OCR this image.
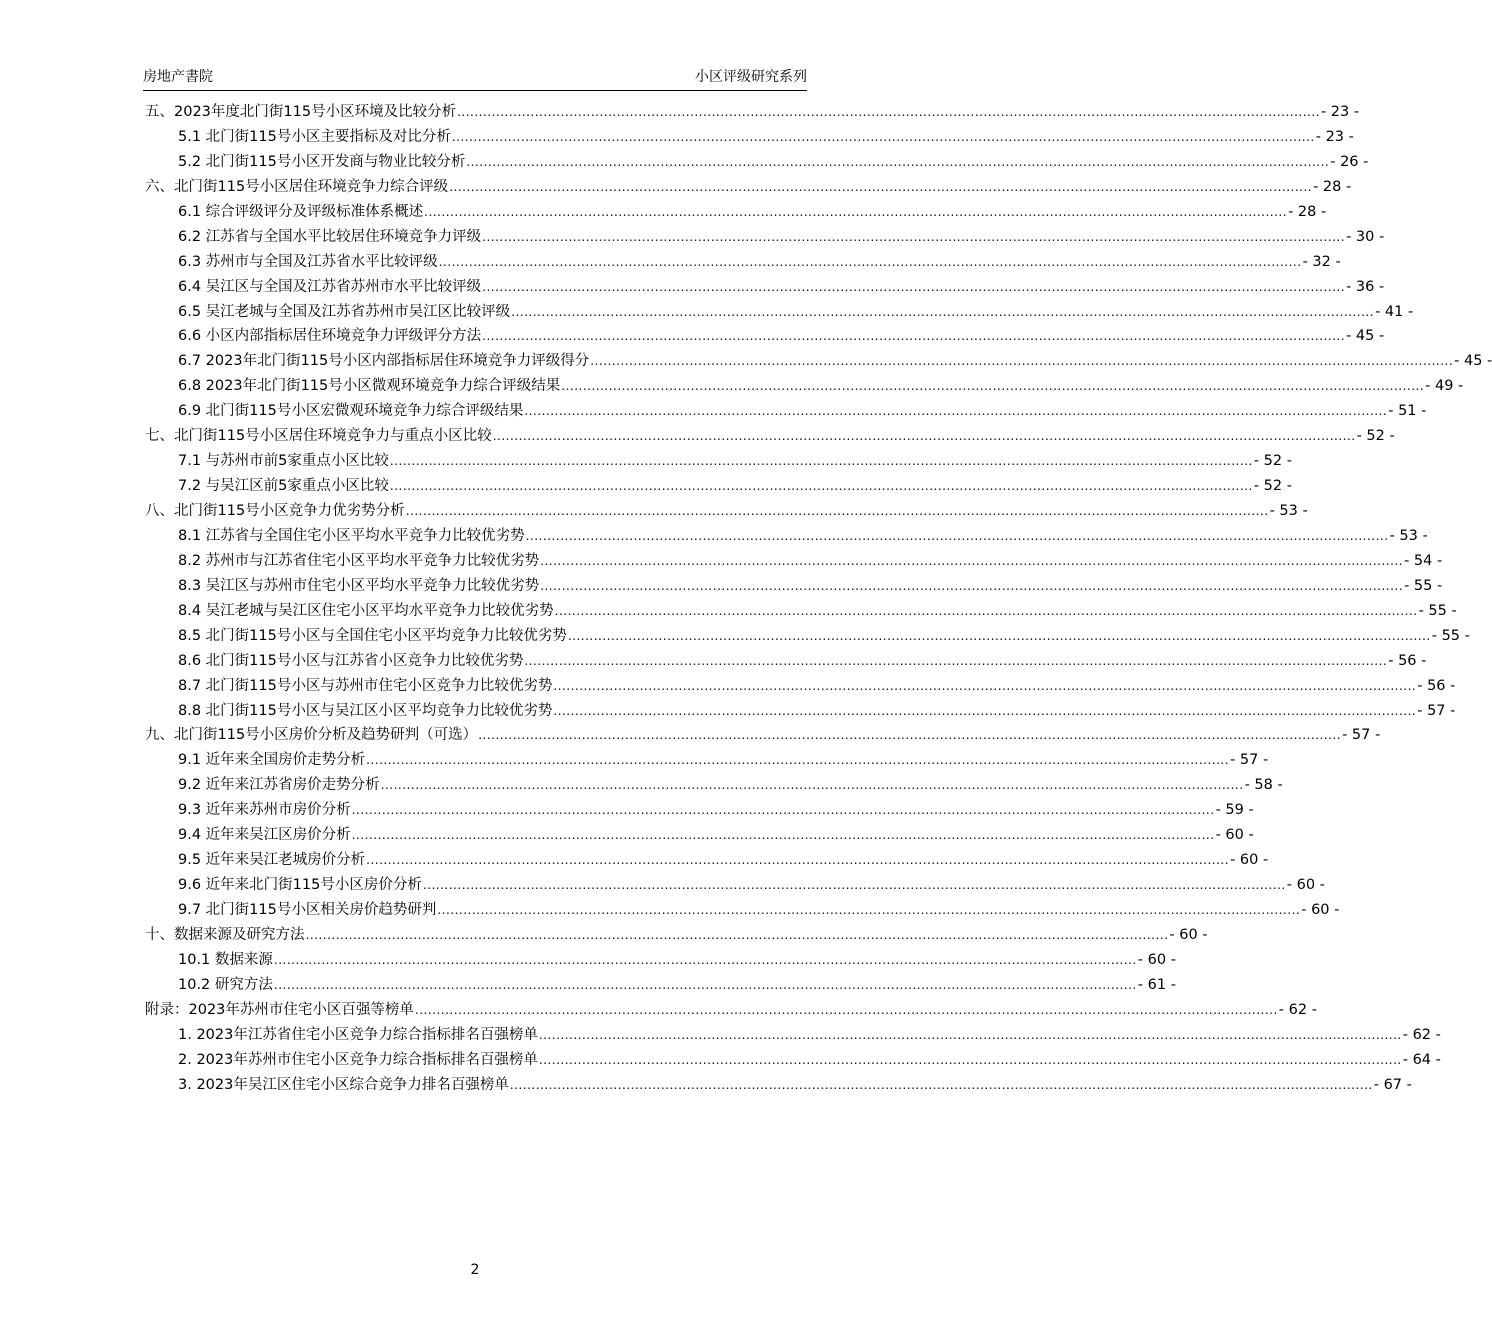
房地产書院	小区评级研究系列
五、2023年度北门街115号小区环境及比较分析 ........................................................................................................................................................................................................ - 23 -
5.1 北门街115号小区主要指标及对比分析 ........................................................................................................................................................................................................ - 23 -
5.2 北门街115号小区开发商与物业比较分析 ........................................................................................................................................................................................................ - 26 -
六、北门街115号小区居住环境竞争力综合评级 ........................................................................................................................................................................................................ - 28 -
6.1 综合评级评分及评级标准体系概述 ........................................................................................................................................................................................................ - 28 -
6.2 江苏省与全国水平比较居住环境竞争力评级 ........................................................................................................................................................................................................ - 30 -
6.3 苏州市与全国及江苏省水平比较评级 ........................................................................................................................................................................................................ - 32 -
6.4 吴江区与全国及江苏省苏州市水平比较评级 ........................................................................................................................................................................................................ - 36 -
6.5 吴江老城与全国及江苏省苏州市吴江区比较评级 ........................................................................................................................................................................................................ - 41 -
6.6 小区内部指标居住环境竞争力评级评分方法 ........................................................................................................................................................................................................ - 45 -
6.7 2023年北门街115号小区内部指标居住环境竞争力评级得分 ........................................................................................................................................................................................................ - 45 -
6.8 2023年北门街115号小区微观环境竞争力综合评级结果 ........................................................................................................................................................................................................ - 49 -
6.9 北门街115号小区宏微观环境竞争力综合评级结果 ........................................................................................................................................................................................................ - 51 -
七、北门街115号小区居住环境竞争力与重点小区比较 ........................................................................................................................................................................................................ - 52 -
7.1 与苏州市前5家重点小区比较 ........................................................................................................................................................................................................ - 52 -
7.2 与吴江区前5家重点小区比较 ........................................................................................................................................................................................................ - 52 -
八、北门街115号小区竞争力优劣势分析 ........................................................................................................................................................................................................ - 53 -
8.1 江苏省与全国住宅小区平均水平竞争力比较优劣势 ........................................................................................................................................................................................................ - 53 -
8.2 苏州市与江苏省住宅小区平均水平竞争力比较优劣势 ........................................................................................................................................................................................................ - 54 -
8.3 吴江区与苏州市住宅小区平均水平竞争力比较优劣势 ........................................................................................................................................................................................................ - 55 -
8.4 吴江老城与吴江区住宅小区平均水平竞争力比较优劣势 ........................................................................................................................................................................................................ - 55 -
8.5 北门街115号小区与全国住宅小区平均竞争力比较优劣势 ........................................................................................................................................................................................................ - 55 -
8.6 北门街115号小区与江苏省小区竞争力比较优劣势 ........................................................................................................................................................................................................ - 56 -
8.7 北门街115号小区与苏州市住宅小区竞争力比较优劣势 ........................................................................................................................................................................................................ - 56 -
8.8 北门街115号小区与吴江区小区平均竞争力比较优劣势 ........................................................................................................................................................................................................ - 57 -
九、北门街115号小区房价分析及趋势研判（可选） ........................................................................................................................................................................................................ - 57 -
9.1 近年来全国房价走势分析 ........................................................................................................................................................................................................ - 57 -
9.2 近年来江苏省房价走势分析 ........................................................................................................................................................................................................ - 58 -
9.3 近年来苏州市房价分析 ........................................................................................................................................................................................................ - 59 -
9.4 近年来吴江区房价分析 ........................................................................................................................................................................................................ - 60 -
9.5 近年来吴江老城房价分析 ........................................................................................................................................................................................................ - 60 -
9.6 近年来北门街115号小区房价分析 ........................................................................................................................................................................................................ - 60 -
9.7 北门街115号小区相关房价趋势研判 ........................................................................................................................................................................................................ - 60 -
十、数据来源及研究方法 ........................................................................................................................................................................................................ - 60 -
10.1 数据来源 ........................................................................................................................................................................................................ - 60 -
10.2 研究方法 ........................................................................................................................................................................................................ - 61 -
附录：2023年苏州市住宅小区百强等榜单 ........................................................................................................................................................................................................ - 62 -
1. 2023年江苏省住宅小区竞争力综合指标排名百强榜单 ........................................................................................................................................................................................................ - 62 -
2. 2023年苏州市住宅小区竞争力综合指标排名百强榜单 ........................................................................................................................................................................................................ - 64 -
3. 2023年吴江区住宅小区综合竞争力排名百强榜单 ........................................................................................................................................................................................................ - 67 -
2
